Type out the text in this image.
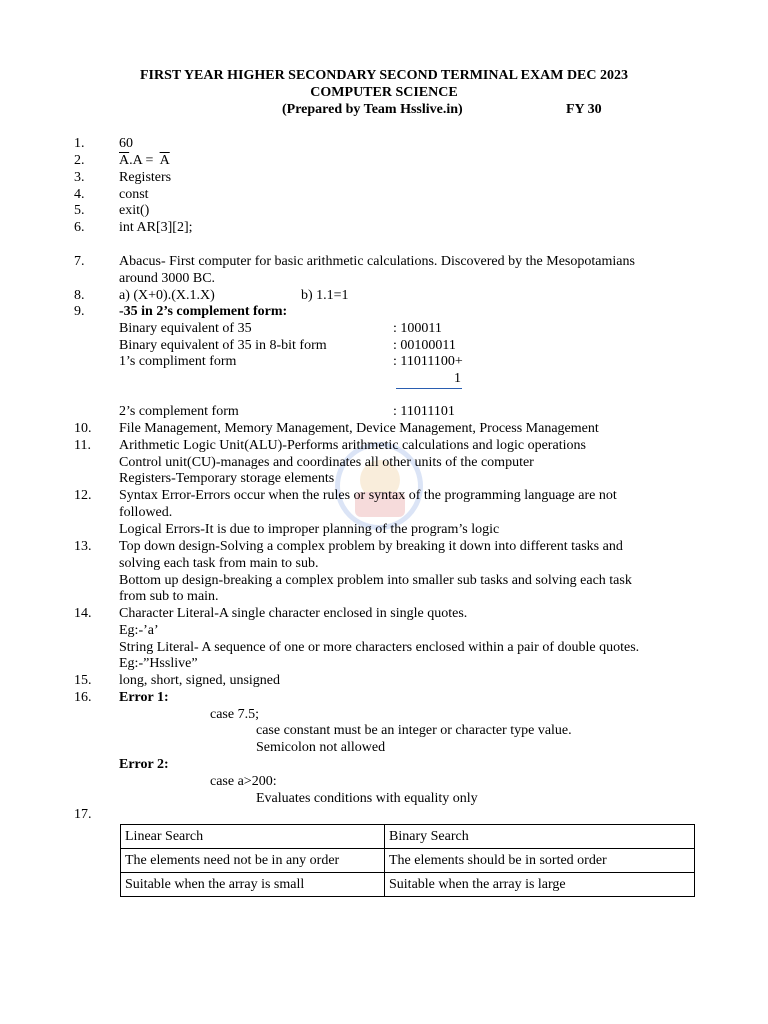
FIRST YEAR HIGHER SECONDARY SECOND TERMINAL EXAM DEC 2023
COMPUTER SCIENCE
(Prepared by Team Hsslive.in)	FY 30
1.	60
2.	$\overline{A}.A = \overline{A}$
3.	Registers
4.	const
5.	exit()
6.	int AR[3][2];
7.	Abacus- First computer for basic arithmetic calculations. Discovered by the Mesopotamians
around 3000 BC.
8.	a) (X+0).(X.1.X)	b) 1.1=1
9.	-35 in 2’s complement form:
Binary equivalent of 35	: 100011
Binary equivalent of 35 in 8-bit form	: 00100011
1’s compliment form	: 11011100+
1
2’s complement form	: 11011101
10.	File Management, Memory Management, Device Management, Process Management
11.	Arithmetic Logic Unit(ALU)-Performs arithmetic calculations and logic operations
Control unit(CU)-manages and coordinates all other units of the computer
Registers-Temporary storage elements
12.	Syntax Error-Errors occur when the rules or syntax of the programming language are not
followed.
Logical Errors-It is due to improper planning of the program’s logic
13.	Top down design-Solving a complex problem by breaking it down into different tasks and
solving each task from main to sub.
Bottom up design-breaking a complex problem into smaller sub tasks and solving each task
from sub to main.
14.	Character Literal-A single character enclosed in single quotes.
Eg:-’a’
String Literal- A sequence of one or more characters enclosed within a pair of double quotes.
Eg:-”Hsslive”
15.	long, short, signed, unsigned
16.	Error 1:
case 7.5;
case constant must be an integer or character type value.
Semicolon not allowed
Error 2:
case a>200:
Evaluates conditions with equality only
17.
Linear Search	Binary Search
The elements need not be in any order	The elements should be in sorted order
Suitable when the array is small	Suitable when the array is large
